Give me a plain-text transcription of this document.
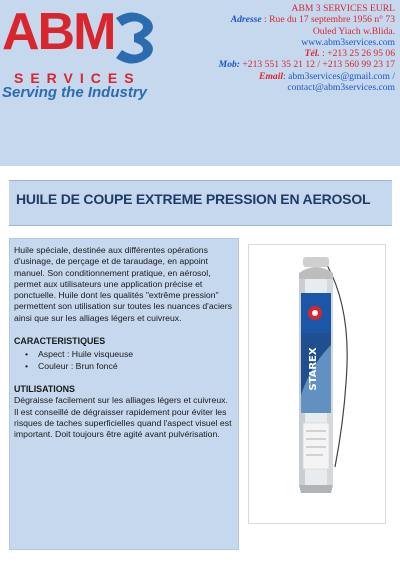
ABM
SERVICES
Serving the Industry
ABM 3 SERVICES EURL
Adresse : Rue du 17 septembre 1956 n° 73
Ouled Yiach w.Blida.
www.abm3services.com
Tél. : +213 25 26 95 06
Mob: +213 551 35 21 12 / +213 560 99 23 17
Email: abm3services@gmail.com /
contact@abm3services.com
HUILE DE COUPE EXTREME PRESSION EN AEROSOL
Huile spéciale, destinée aux différentes opérations d'usinage, de perçage et de taraudage, en appoint manuel. Son conditionnement pratique, en aérosol, permet aux utilisateurs une application précise et ponctuelle. Huile dont les qualités "extrême pression" permettent son utilisation sur toutes les nuances d'aciers ainsi que sur les alliages légers et cuivreux.
CARACTERISTIQUES
• Aspect : Huile visqueuse
• Couleur : Brun foncé
UTILISATIONS
Dégraisse facilement sur les alliages légers et cuivreux. Il est conseillé de dégraisser rapidement pour éviter les risques de taches superficielles quand l'aspect visuel est important. Doit toujours être agité avant pulvérisation.
STAREX
